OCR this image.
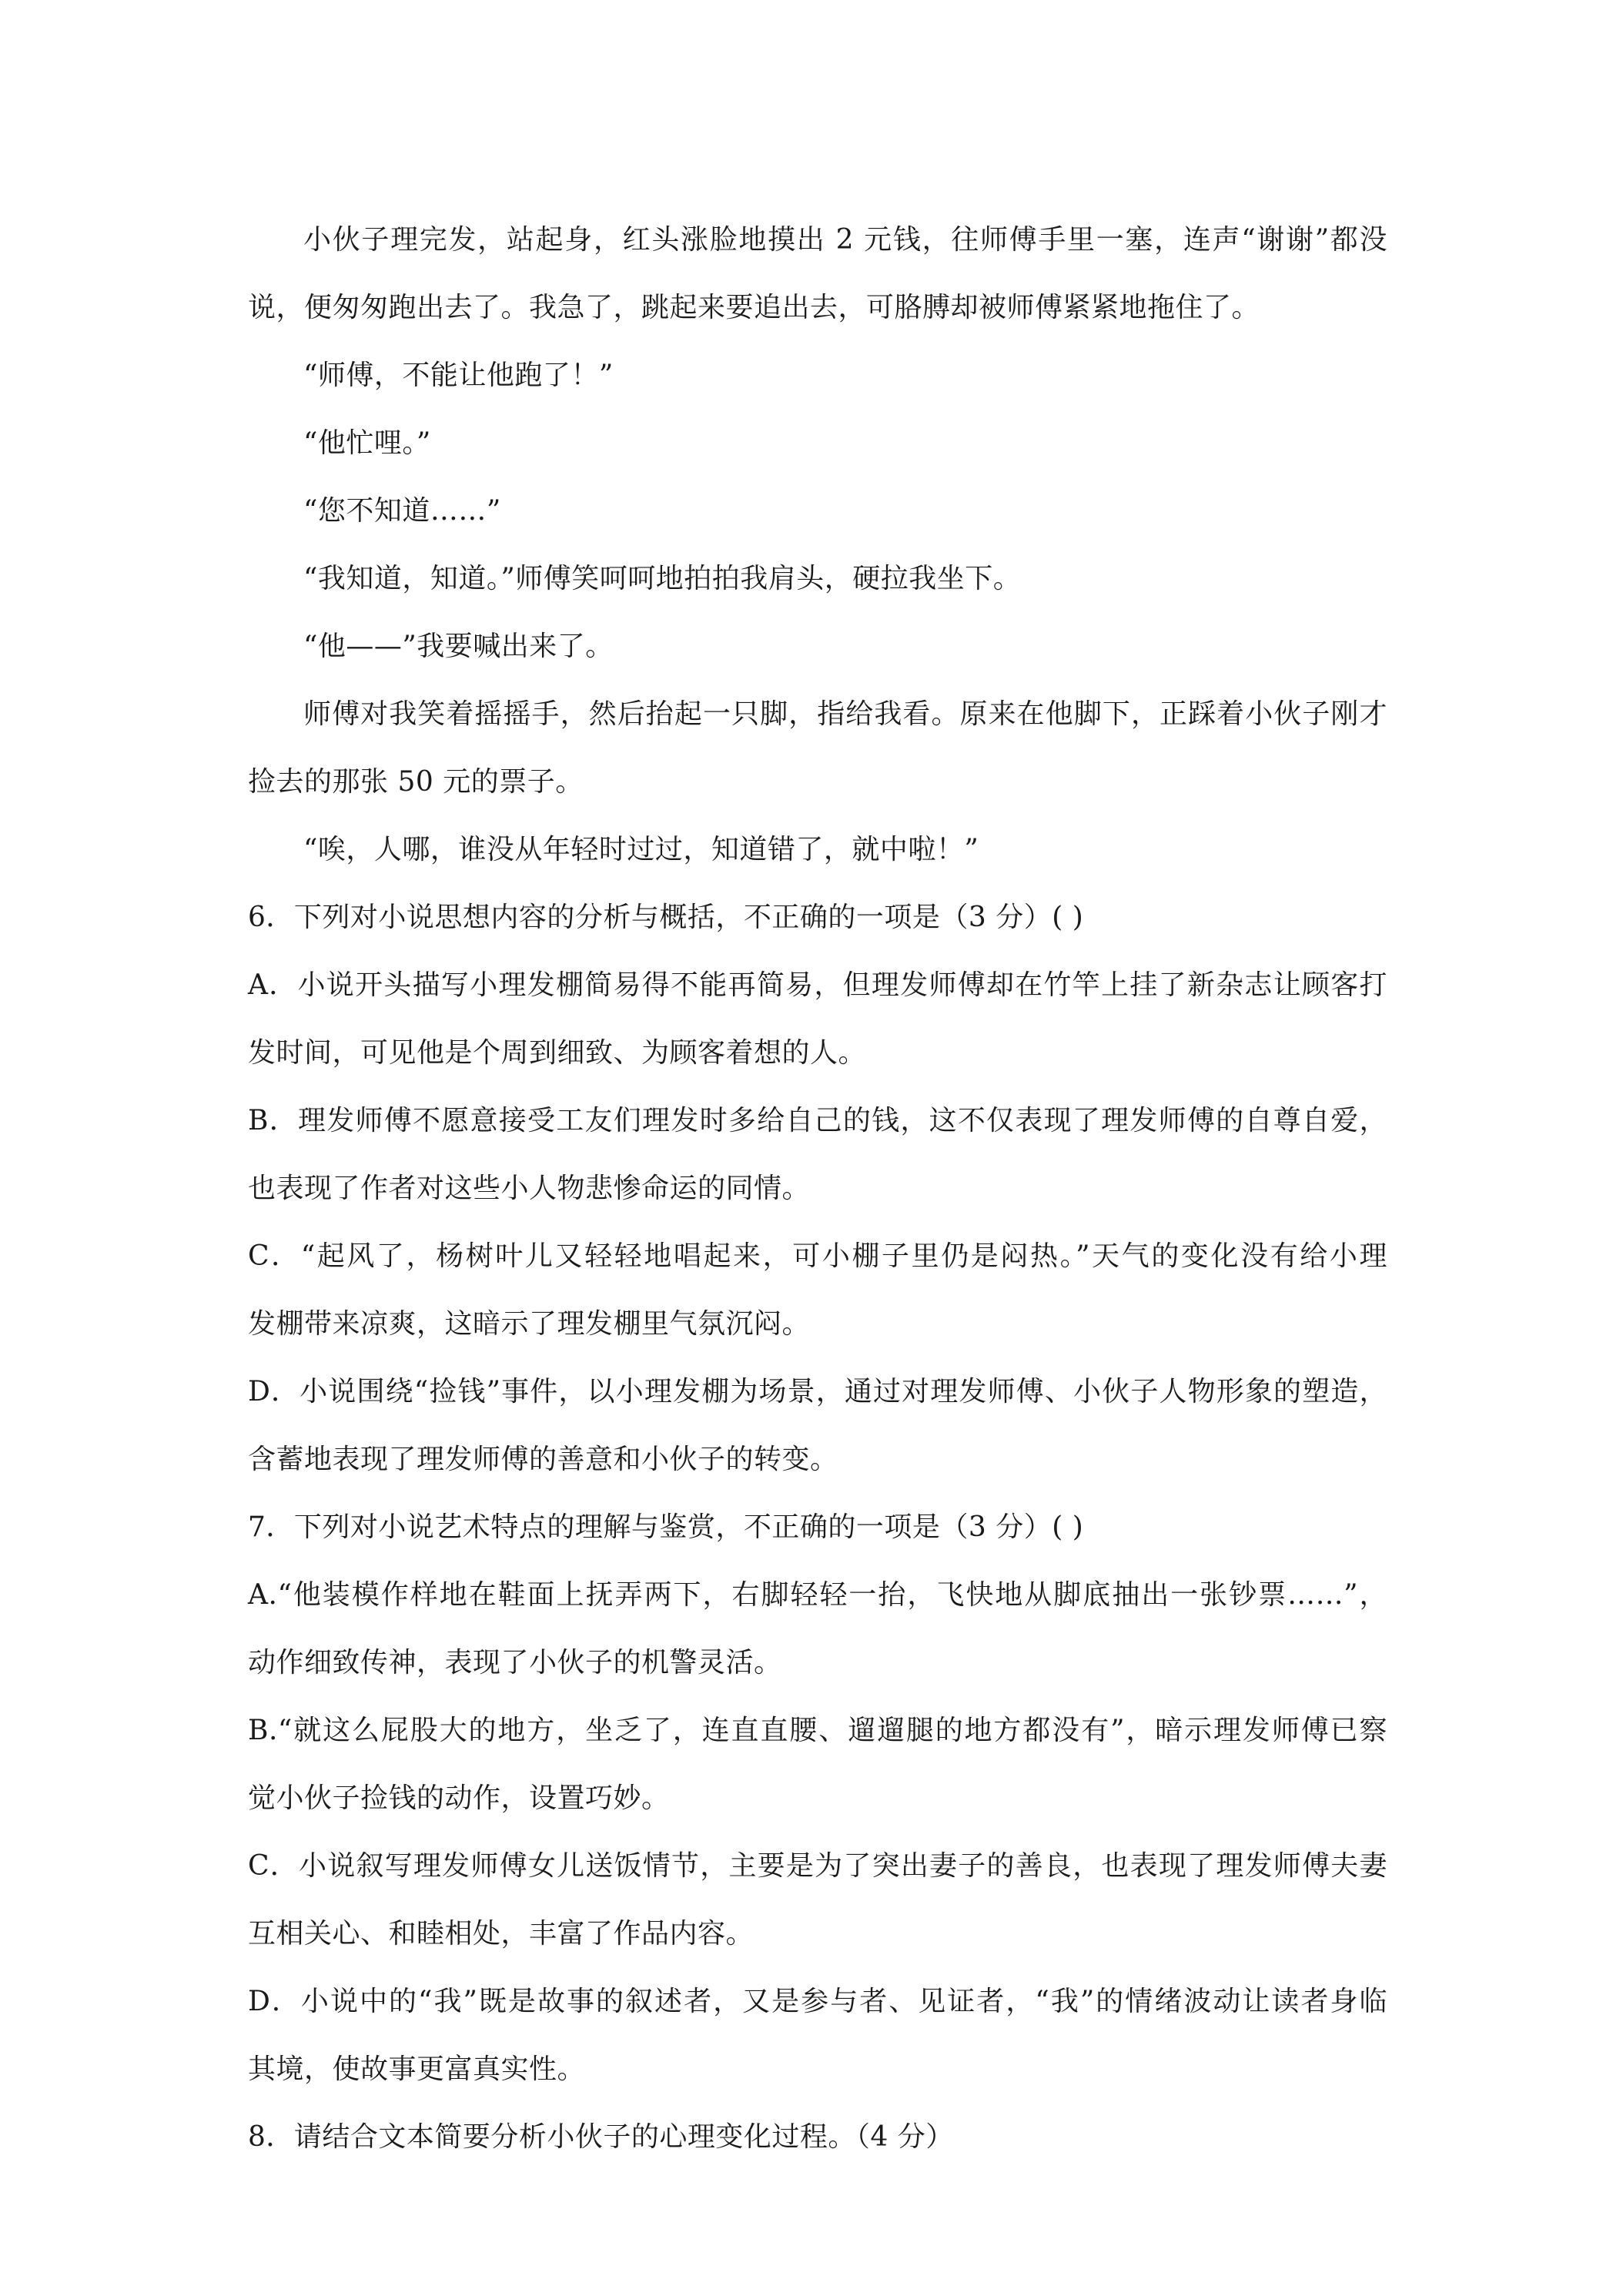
小伙子理完发，站起身，红头涨脸地摸出 2 元钱，往师傅手里一塞，连声“谢谢”都没
说，便匆匆跑出去了。我急了，跳起来要追出去，可胳膊却被师傅紧紧地拖住了。
“师傅，不能让他跑了！”
“他忙哩。”
“您不知道……”
“我知道，知道。”师傅笑呵呵地拍拍我肩头，硬拉我坐下。
“他——”我要喊出来了。
师傅对我笑着摇摇手，然后抬起一只脚，指给我看。原来在他脚下，正踩着小伙子刚才
捡去的那张 50 元的票子。
“唉，人哪，谁没从年轻时过过，知道错了，就中啦！”
6．下列对小说思想内容的分析与概括，不正确的一项是（3 分）( )
A．小说开头描写小理发棚简易得不能再简易，但理发师傅却在竹竿上挂了新杂志让顾客打
发时间，可见他是个周到细致、为顾客着想的人。
B．理发师傅不愿意接受工友们理发时多给自己的钱，这不仅表现了理发师傅的自尊自爱，
也表现了作者对这些小人物悲惨命运的同情。
C．“起风了，杨树叶儿又轻轻地唱起来，可小棚子里仍是闷热。”天气的变化没有给小理
发棚带来凉爽，这暗示了理发棚里气氛沉闷。
D．小说围绕“捡钱”事件，以小理发棚为场景，通过对理发师傅、小伙子人物形象的塑造，
含蓄地表现了理发师傅的善意和小伙子的转变。
7．下列对小说艺术特点的理解与鉴赏，不正确的一项是（3 分）( )
A.“他装模作样地在鞋面上抚弄两下，右脚轻轻一抬，飞快地从脚底抽出一张钞票……”，
动作细致传神，表现了小伙子的机警灵活。
B.“就这么屁股大的地方，坐乏了，连直直腰、遛遛腿的地方都没有”，暗示理发师傅已察
觉小伙子捡钱的动作，设置巧妙。
C．小说叙写理发师傅女儿送饭情节，主要是为了突出妻子的善良，也表现了理发师傅夫妻
互相关心、和睦相处，丰富了作品内容。
D．小说中的“我”既是故事的叙述者，又是参与者、见证者，“我”的情绪波动让读者身临
其境，使故事更富真实性。
8．请结合文本简要分析小伙子的心理变化过程。（4 分）
